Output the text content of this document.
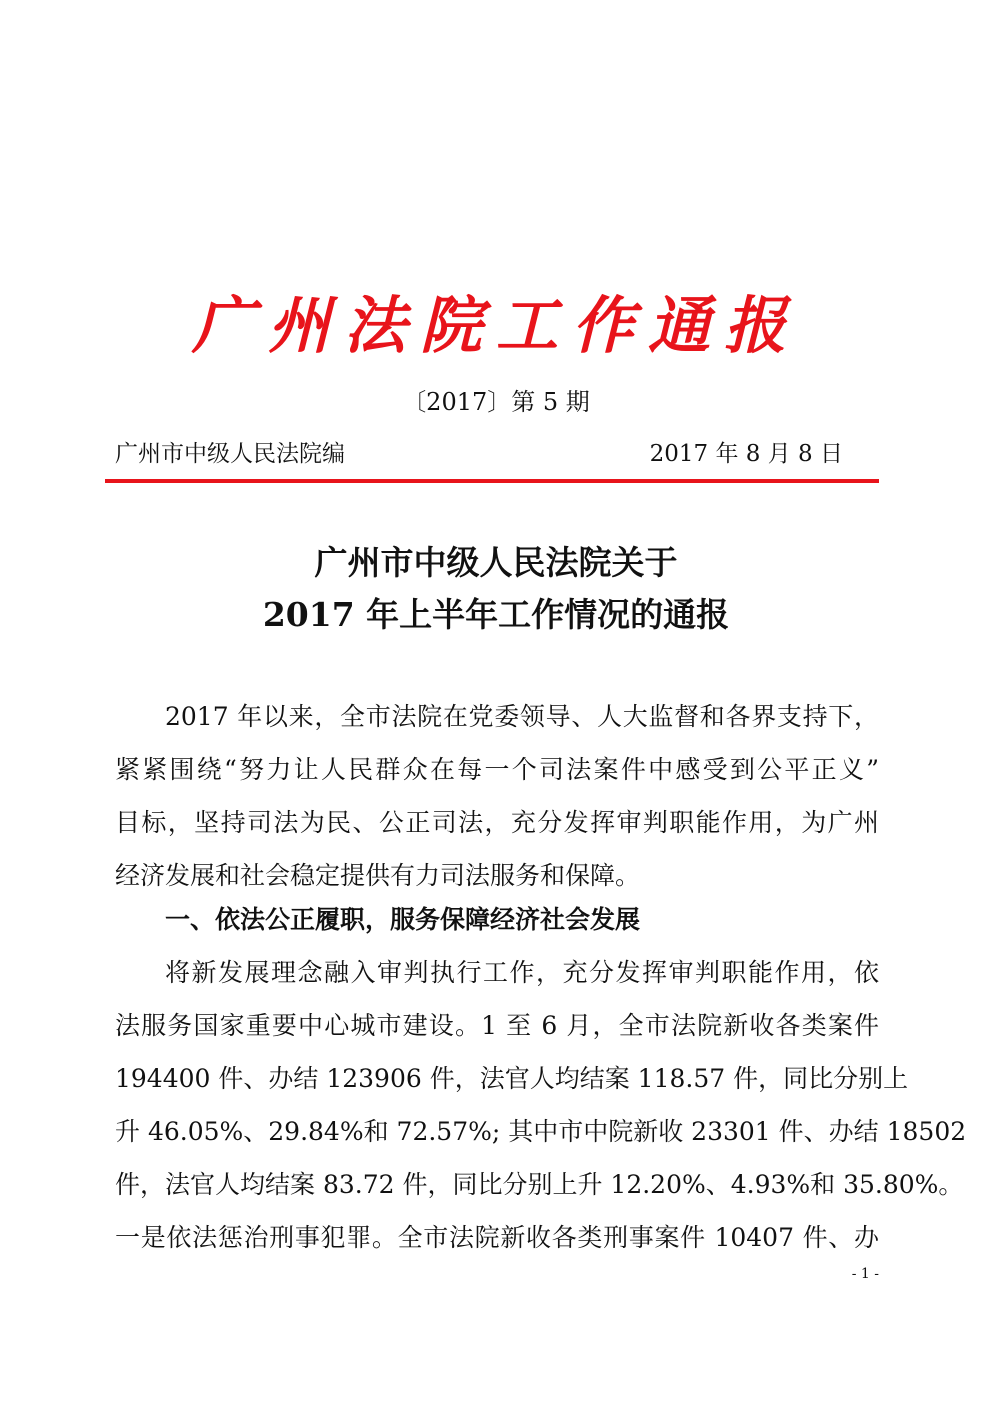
广州法院工作通报
〔2017〕第 5 期
广州市中级人民法院编	2017 年 8 月 8 日
广州市中级人民法院关于
2017 年上半年工作情况的通报
2017 年以来，全市法院在党委领导、人大监督和各界支持下，
紧紧围绕“努力让人民群众在每一个司法案件中感受到公平正义”
目标，坚持司法为民、公正司法，充分发挥审判职能作用，为广州
经济发展和社会稳定提供有力司法服务和保障。
一、依法公正履职，服务保障经济社会发展
将新发展理念融入审判执行工作，充分发挥审判职能作用，依
法服务国家重要中心城市建设。1 至 6 月，全市法院新收各类案件
194400 件、办结 123906 件，法官人均结案 118.57 件，同比分别上
升 46.05%、29.84%和 72.57%; 其中市中院新收 23301 件、办结 18502
件，法官人均结案 83.72 件，同比分别上升 12.20%、4.93%和 35.80%。
一是依法惩治刑事犯罪。全市法院新收各类刑事案件 10407 件、办
- 1 -
